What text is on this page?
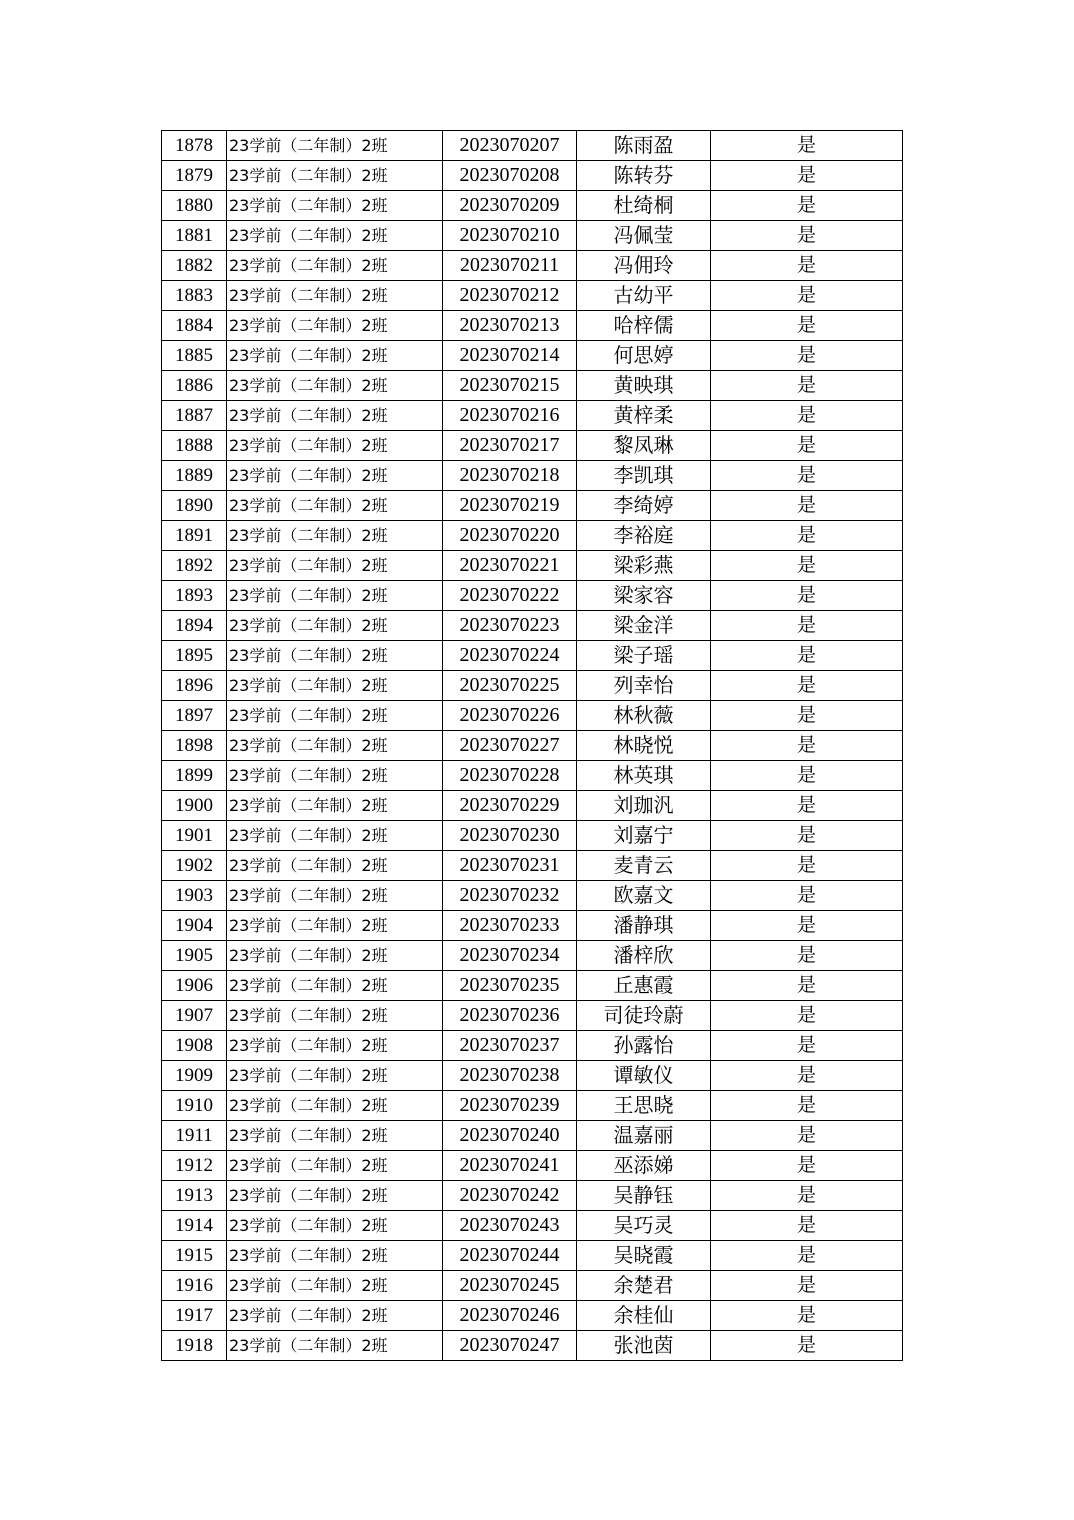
1878	23学前（二年制）2班	2023070207	陈雨盈	是
1879	23学前（二年制）2班	2023070208	陈转芬	是
1880	23学前（二年制）2班	2023070209	杜绮桐	是
1881	23学前（二年制）2班	2023070210	冯佩莹	是
1882	23学前（二年制）2班	2023070211	冯佣玲	是
1883	23学前（二年制）2班	2023070212	古幼平	是
1884	23学前（二年制）2班	2023070213	哈梓儒	是
1885	23学前（二年制）2班	2023070214	何思婷	是
1886	23学前（二年制）2班	2023070215	黄映琪	是
1887	23学前（二年制）2班	2023070216	黄梓柔	是
1888	23学前（二年制）2班	2023070217	黎凤琳	是
1889	23学前（二年制）2班	2023070218	李凯琪	是
1890	23学前（二年制）2班	2023070219	李绮婷	是
1891	23学前（二年制）2班	2023070220	李裕庭	是
1892	23学前（二年制）2班	2023070221	梁彩燕	是
1893	23学前（二年制）2班	2023070222	梁家容	是
1894	23学前（二年制）2班	2023070223	梁金洋	是
1895	23学前（二年制）2班	2023070224	梁子瑶	是
1896	23学前（二年制）2班	2023070225	列幸怡	是
1897	23学前（二年制）2班	2023070226	林秋薇	是
1898	23学前（二年制）2班	2023070227	林晓悦	是
1899	23学前（二年制）2班	2023070228	林英琪	是
1900	23学前（二年制）2班	2023070229	刘珈汎	是
1901	23学前（二年制）2班	2023070230	刘嘉宁	是
1902	23学前（二年制）2班	2023070231	麦青云	是
1903	23学前（二年制）2班	2023070232	欧嘉文	是
1904	23学前（二年制）2班	2023070233	潘静琪	是
1905	23学前（二年制）2班	2023070234	潘梓欣	是
1906	23学前（二年制）2班	2023070235	丘惠霞	是
1907	23学前（二年制）2班	2023070236	司徒玲蔚	是
1908	23学前（二年制）2班	2023070237	孙露怡	是
1909	23学前（二年制）2班	2023070238	谭敏仪	是
1910	23学前（二年制）2班	2023070239	王思晓	是
1911	23学前（二年制）2班	2023070240	温嘉丽	是
1912	23学前（二年制）2班	2023070241	巫添娣	是
1913	23学前（二年制）2班	2023070242	吴静钰	是
1914	23学前（二年制）2班	2023070243	吴巧灵	是
1915	23学前（二年制）2班	2023070244	吴晓霞	是
1916	23学前（二年制）2班	2023070245	余楚君	是
1917	23学前（二年制）2班	2023070246	余桂仙	是
1918	23学前（二年制）2班	2023070247	张池茵	是
